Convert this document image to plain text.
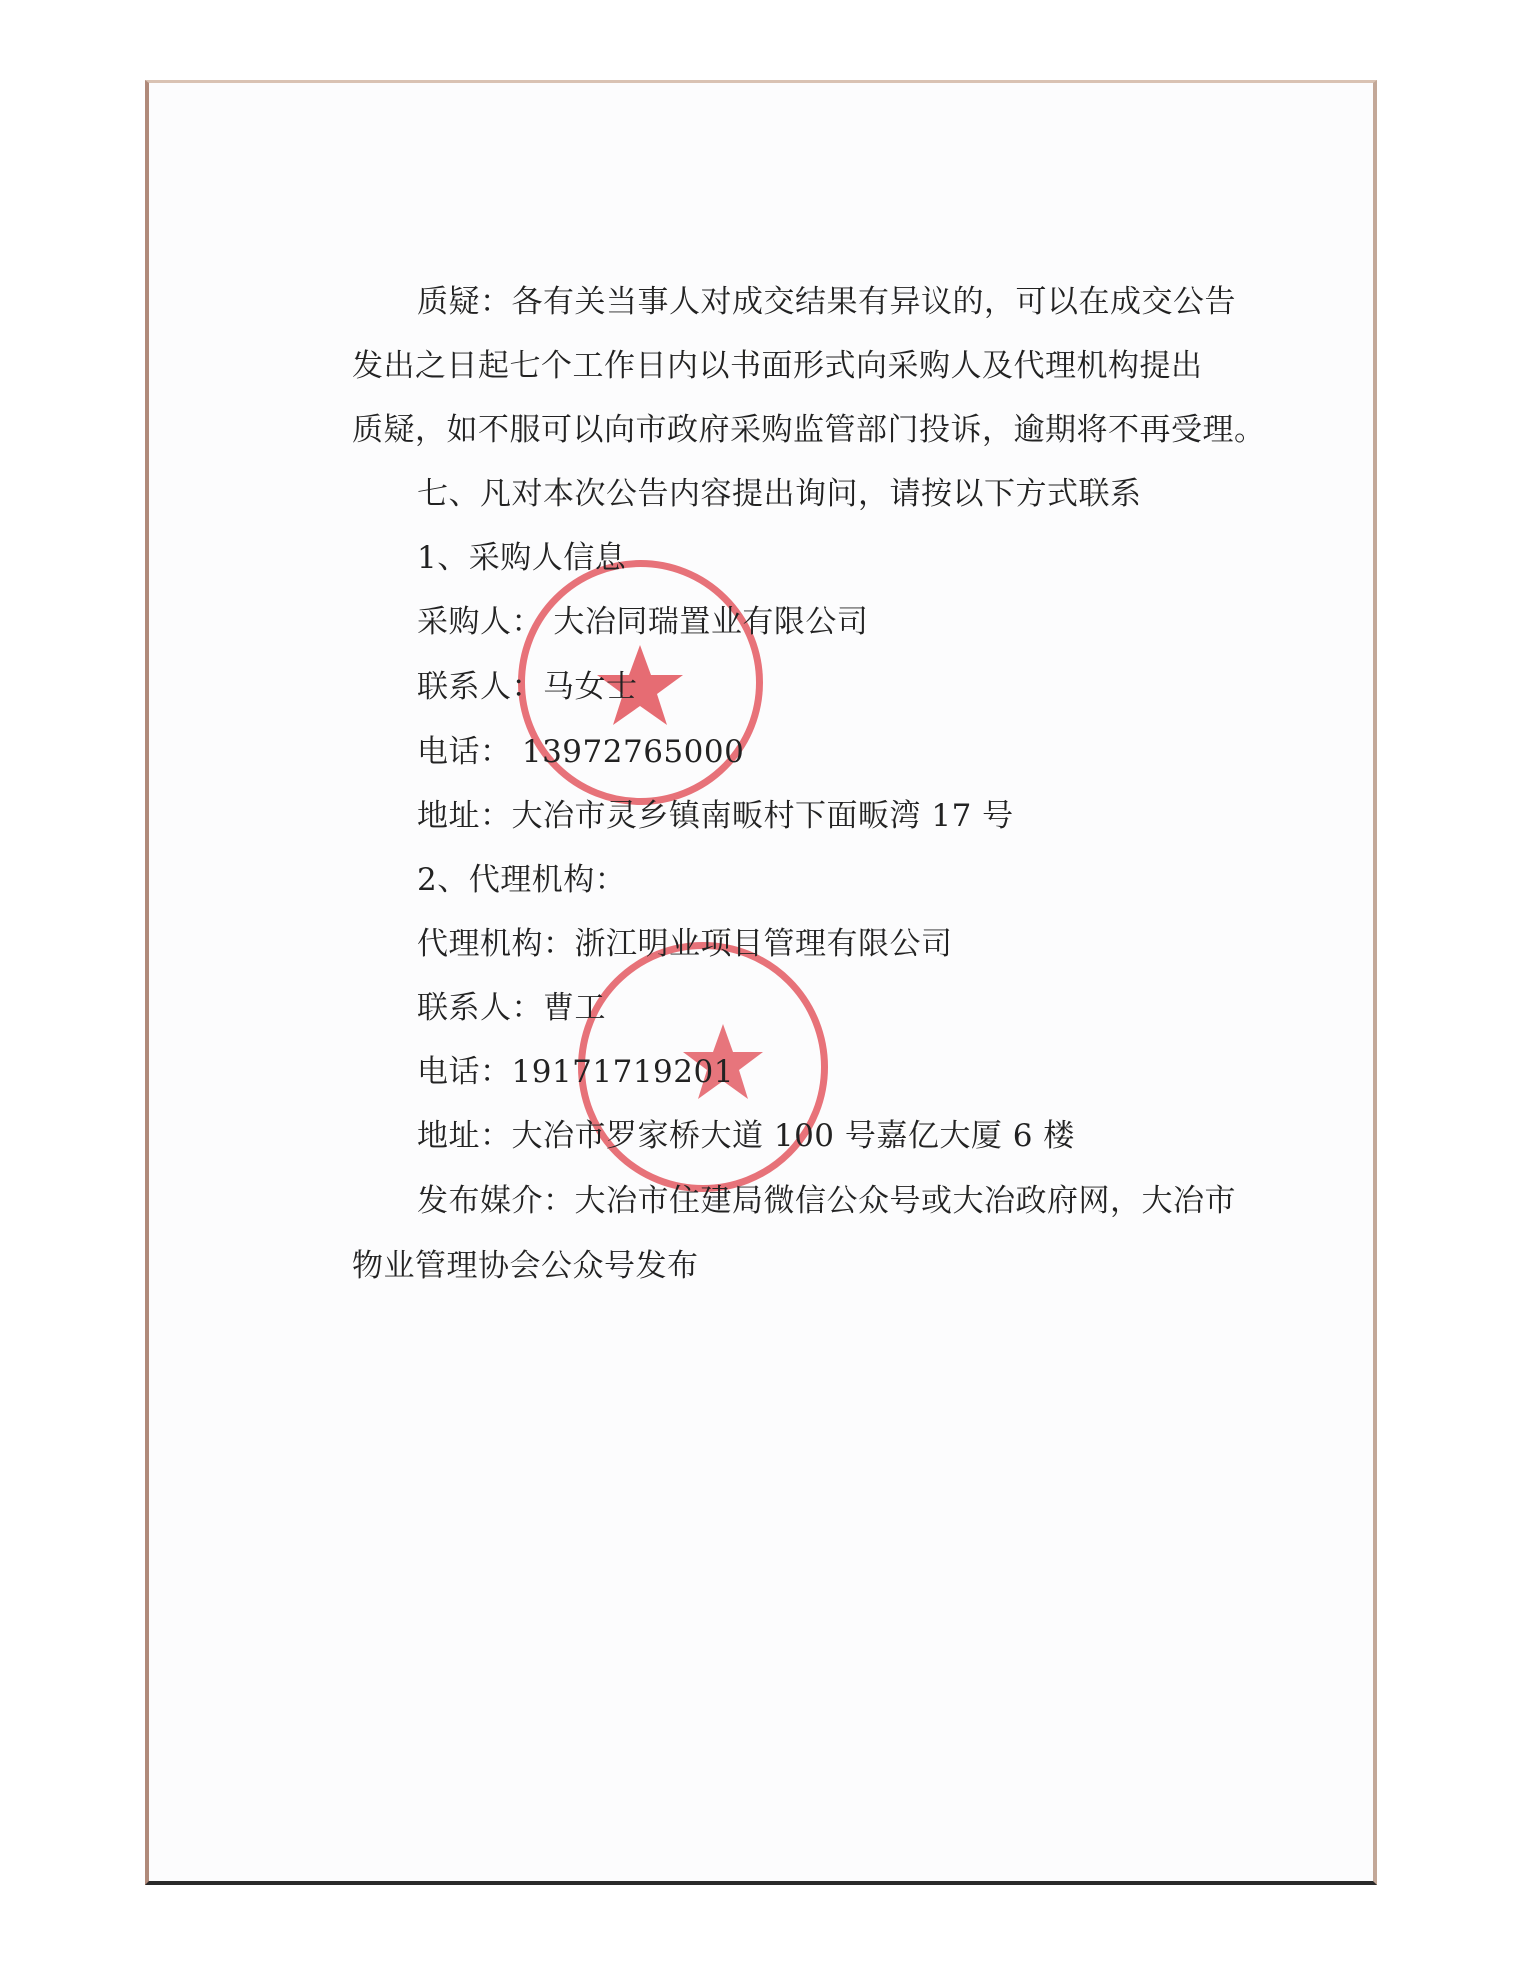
质疑：各有关当事人对成交结果有异议的，可以在成交公告
发出之日起七个工作日内以书面形式向采购人及代理机构提出
质疑，如不服可以向市政府采购监管部门投诉，逾期将不再受理。
七、凡对本次公告内容提出询问，请按以下方式联系
1、采购人信息
采购人： 大冶同瑞置业有限公司
联系人：马女士
电话： 13972765000
地址：大冶市灵乡镇南畈村下面畈湾 17 号
2、代理机构：
代理机构：浙江明业项目管理有限公司
联系人：曹工
电话：19171719201
地址：大冶市罗家桥大道 100 号嘉亿大厦 6 楼
发布媒介：大冶市住建局微信公众号或大冶政府网，大冶市
物业管理协会公众号发布
